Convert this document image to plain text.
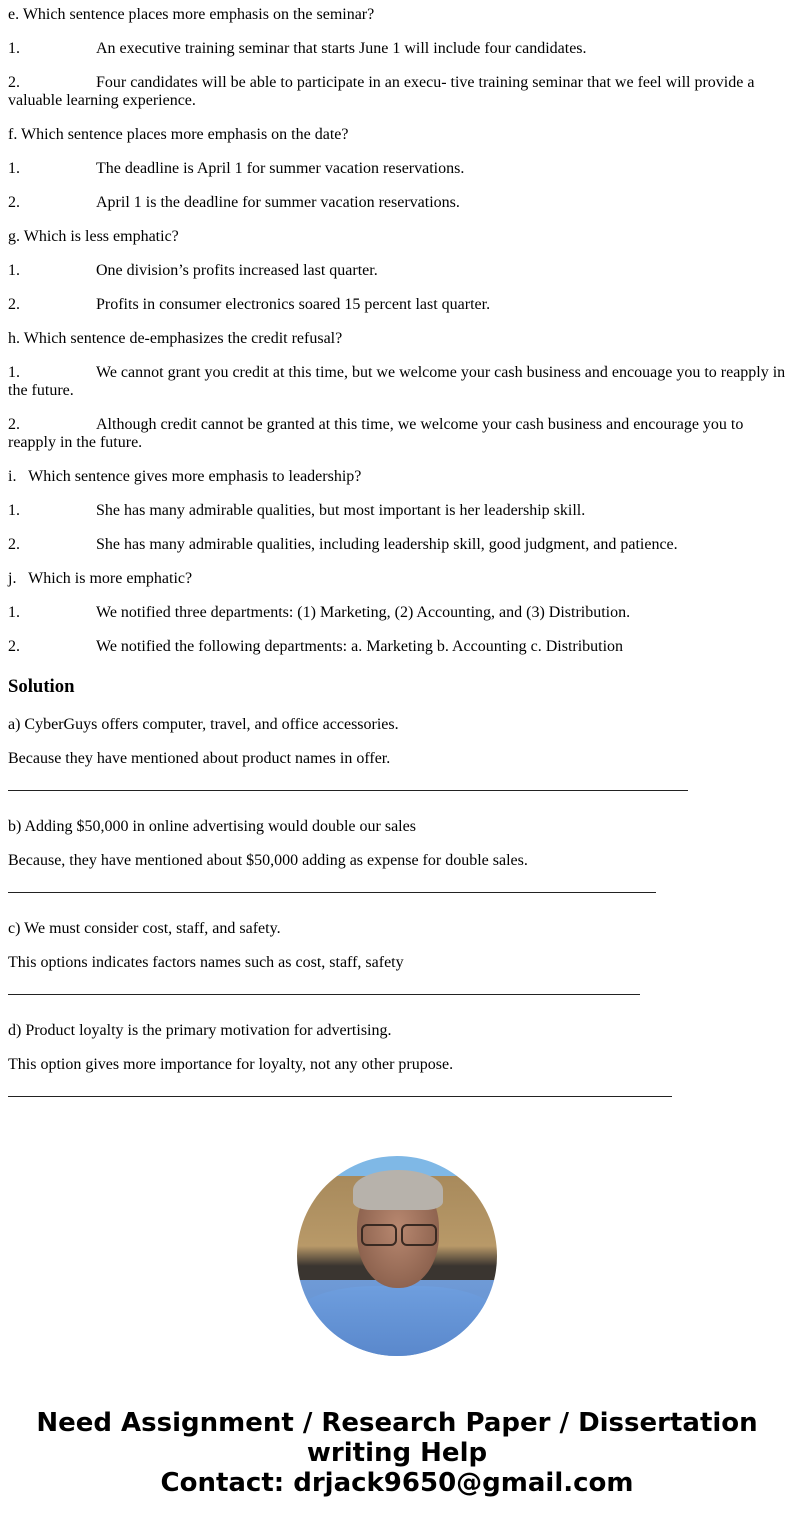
e. Which sentence places more emphasis on the seminar?

1.	An executive training seminar that starts June 1 will include four candidates.

2.	Four candidates will be able to participate in an execu- tive training seminar that we feel will provide a valuable learning experience.

f. Which sentence places more emphasis on the date?

1.	The deadline is April 1 for summer vacation reservations.

2.	April 1 is the deadline for summer vacation reservations.

g. Which is less emphatic?

1.	One division’s profits increased last quarter.

2.	Profits in consumer electronics soared 15 percent last quarter.

h. Which sentence de-emphasizes the credit refusal?

1.	We cannot grant you credit at this time, but we welcome your cash business and encouage you to reapply in the future.

2.	Although credit cannot be granted at this time, we welcome your cash business and encourage you to reapply in the future.

i.   Which sentence gives more emphasis to leadership?

1.	She has many admirable qualities, but most important is her leadership skill.

2.	She has many admirable qualities, including leadership skill, good judgment, and patience.

j.   Which is more emphatic?

1.	We notified three departments: (1) Marketing, (2) Accounting, and (3) Distribution.

2.	We notified the following departments: a. Marketing b. Accounting c. Distribution

Solution

a) CyberGuys offers computer, travel, and office accessories.

Because they have mentioned about product names in offer.

b) Adding $50,000 in online advertising would double our sales

Because, they have mentioned about $50,000 adding as expense for double sales.

c) We must consider cost, staff, and safety.

This options indicates factors names such as cost, staff, safety

d) Product loyalty is the primary motivation for advertising.

This option gives more importance for loyalty, not any other prupose.

Need Assignment / Research Paper / Dissertation
writing Help
Contact: drjack9650@gmail.com
